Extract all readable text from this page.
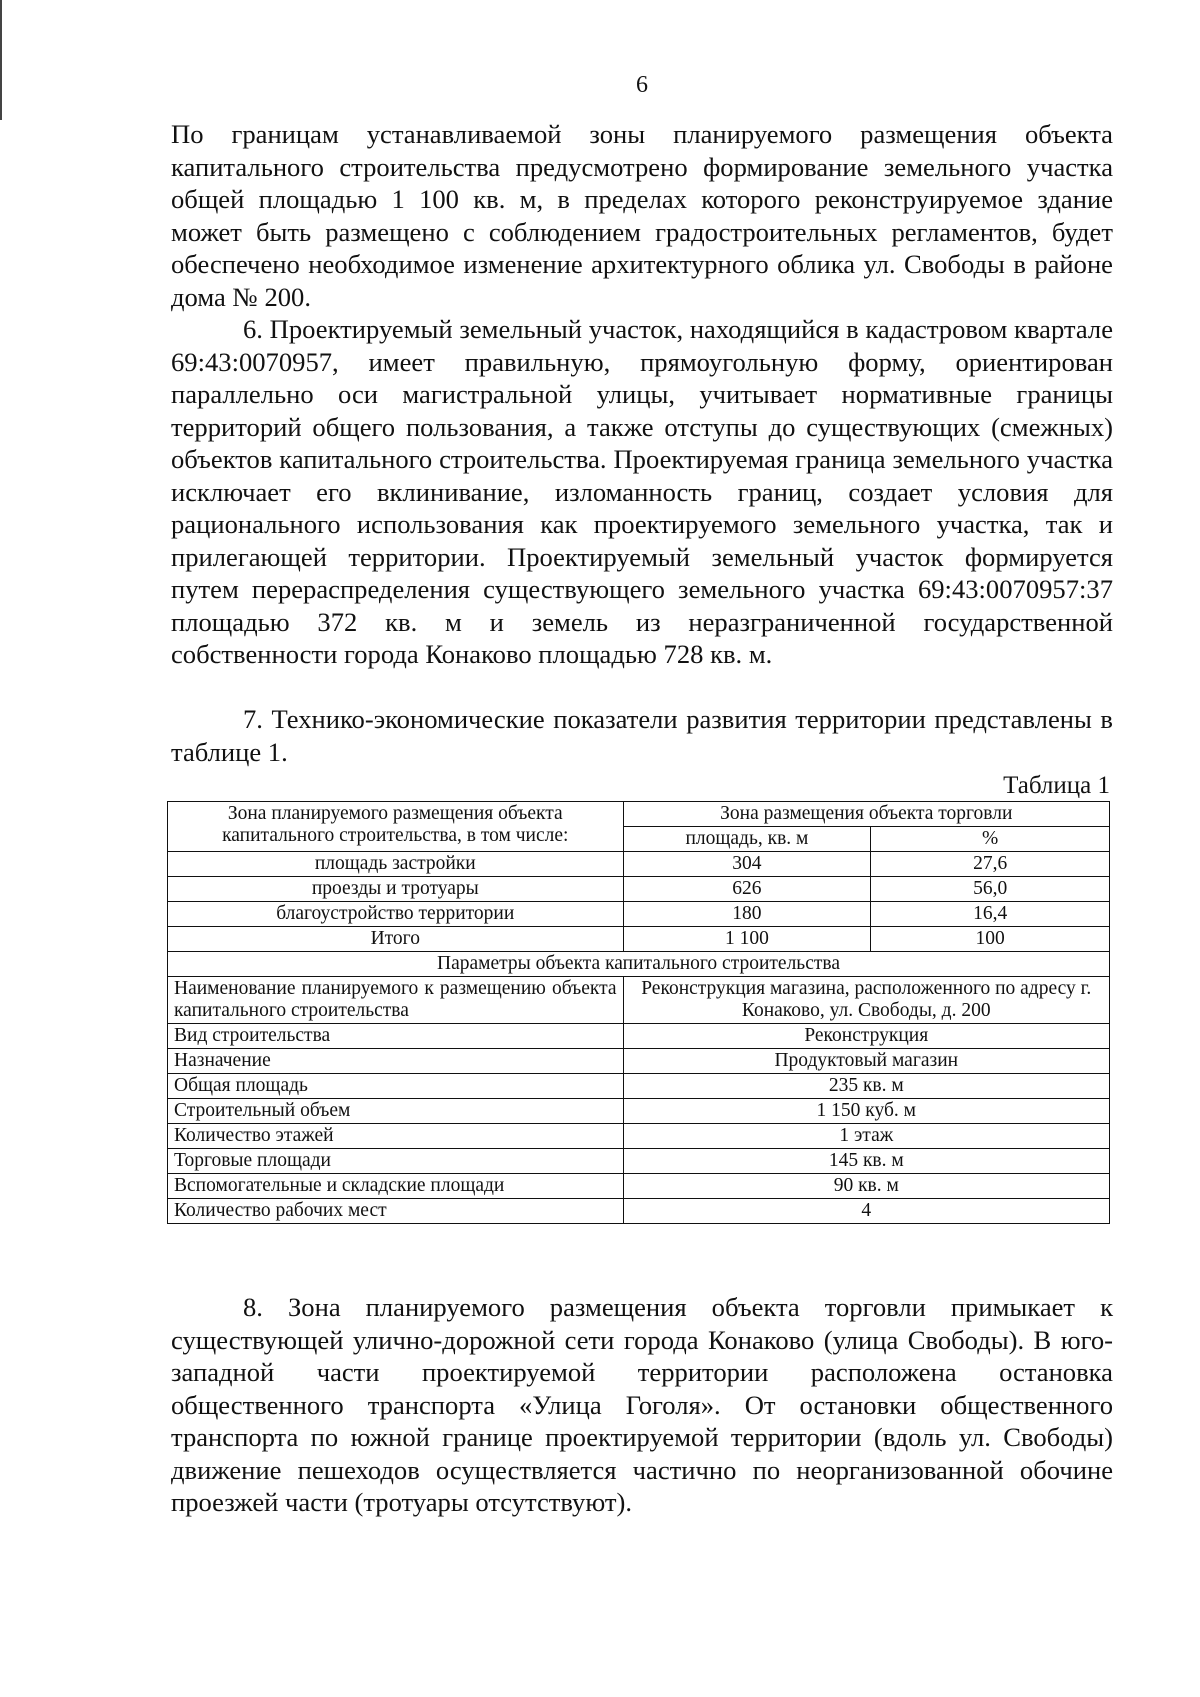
6

По границам устанавливаемой зоны планируемого размещения объекта капитального строительства предусмотрено формирование земельного участка общей площадью 1 100 кв. м, в пределах которого реконструируемое здание может быть размещено с соблюдением градостроительных регламентов, будет обеспечено необходимое изменение архитектурного облика ул. Свободы в районе дома № 200.

6. Проектируемый земельный участок, находящийся в кадастровом квартале 69:43:0070957, имеет правильную, прямоугольную форму, ориентирован параллельно оси магистральной улицы, учитывает нормативные границы территорий общего пользования, а также отступы до существующих (смежных) объектов капитального строительства. Проектируемая граница земельного участка исключает его вклинивание, изломанность границ, создает условия для рационального использования как проектируемого земельного участка, так и прилегающей территории. Проектируемый земельный участок формируется путем перераспределения существующего земельного участка 69:43:0070957:37 площадью 372 кв. м и земель из неразграниченной государственной собственности города Конаково площадью 728 кв. м.

7. Технико-экономические показатели развития территории представлены в таблице 1.

Таблица 1
Зона планируемого размещения объекта капитального строительства, в том числе:	Зона размещения объекта торговли	
	площадь, кв. м	%
площадь застройки	304	27,6
проезды и тротуары	626	56,0
благоустройство территории	180	16,4
Итого	1 100	100
Параметры объекта капитального строительства		
Наименование планируемого к размещению объекта капитального строительства	Реконструкция магазина, расположенного по адресу г. Конаково, ул. Свободы, д. 200	
Вид строительства	Реконструкция	
Назначение	Продуктовый магазин	
Общая площадь	235 кв. м	
Строительный объем	1 150 куб. м	
Количество этажей	1 этаж	
Торговые площади	145 кв. м	
Вспомогательные и складские площади	90 кв. м	
Количество рабочих мест	4	

8. Зона планируемого размещения объекта торговли примыкает к существующей улично-дорожной сети города Конаково (улица Свободы). В юго-западной части проектируемой территории расположена остановка общественного транспорта «Улица Гоголя». От остановки общественного транспорта по южной границе проектируемой территории (вдоль ул. Свободы) движение пешеходов осуществляется частично по неорганизованной обочине проезжей части (тротуары отсутствуют).
